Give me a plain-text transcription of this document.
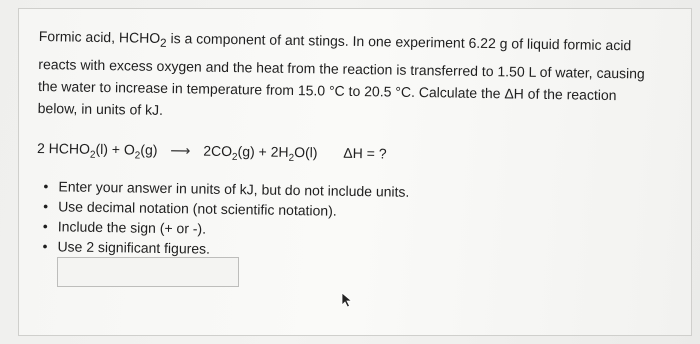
Formic acid, $HCHO_2$ is a component of ant stings. In one experiment 6.22 g of liquid formic acid

reacts with excess oxygen and the heat from the reaction is transferred to 1.50 L of water, causing

the water to increase in temperature from 15.0 °C to 20.5 °C. Calculate the ΔH of the reaction

below, in units of kJ.

2 $HCHO_2(l) + O_2(g)$ ⟶ $2CO_2(g) + 2H_2O(l) \Delta H$ = ?
• Enter your answer in units of kJ, but do not include units.
• Use decimal notation (not scientific notation).
• Include the sign (+ or -).
• Use 2 significant figures.
